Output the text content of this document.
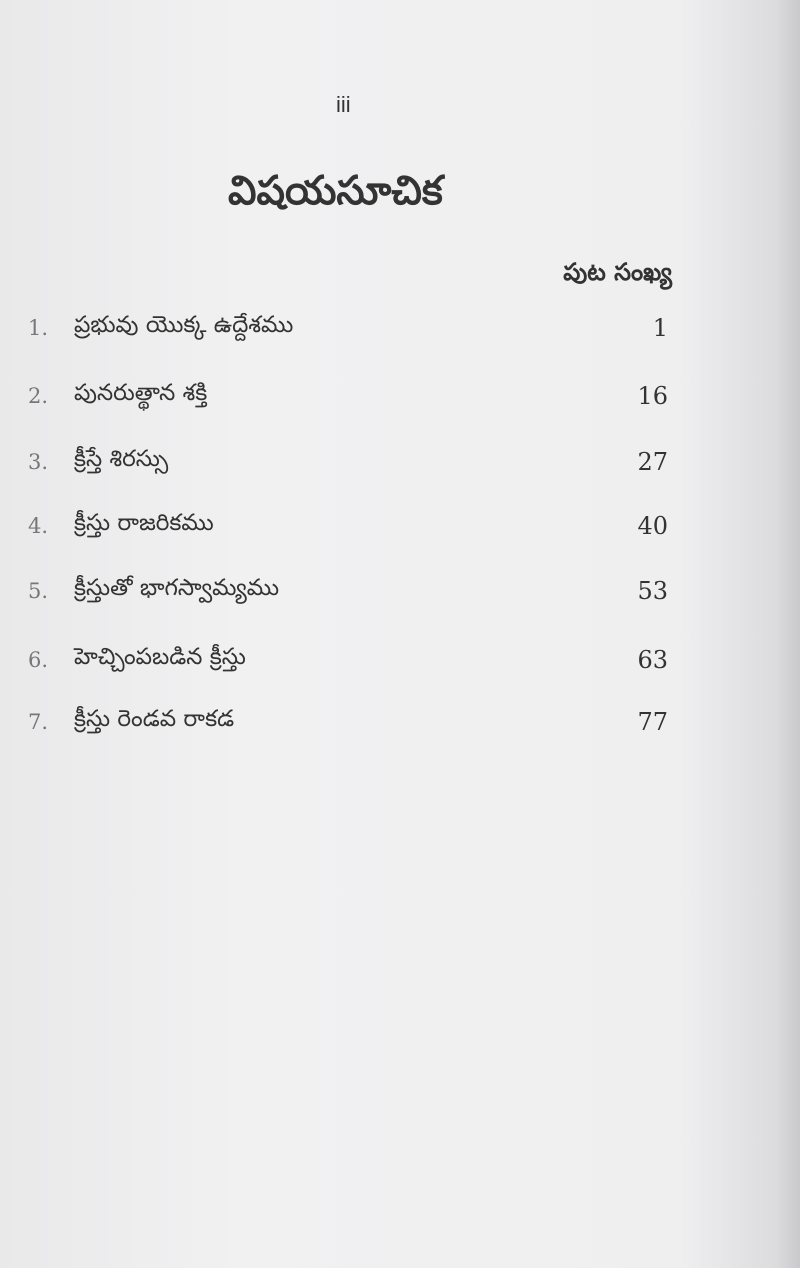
iii
విషయసూచిక
పుట సంఖ్య
1.	ప్రభువు యొక్క ఉద్దేశము	1
2.	పునరుత్థాన శక్తి	16
3.	క్రీస్తే శిరస్సు	27
4.	క్రీస్తు రాజరికము	40
5.	క్రీస్తుతో భాగస్వామ్యము	53
6.	హెచ్చింపబడిన క్రీస్తు	63
7.	క్రీస్తు రెండవ రాకడ	77
